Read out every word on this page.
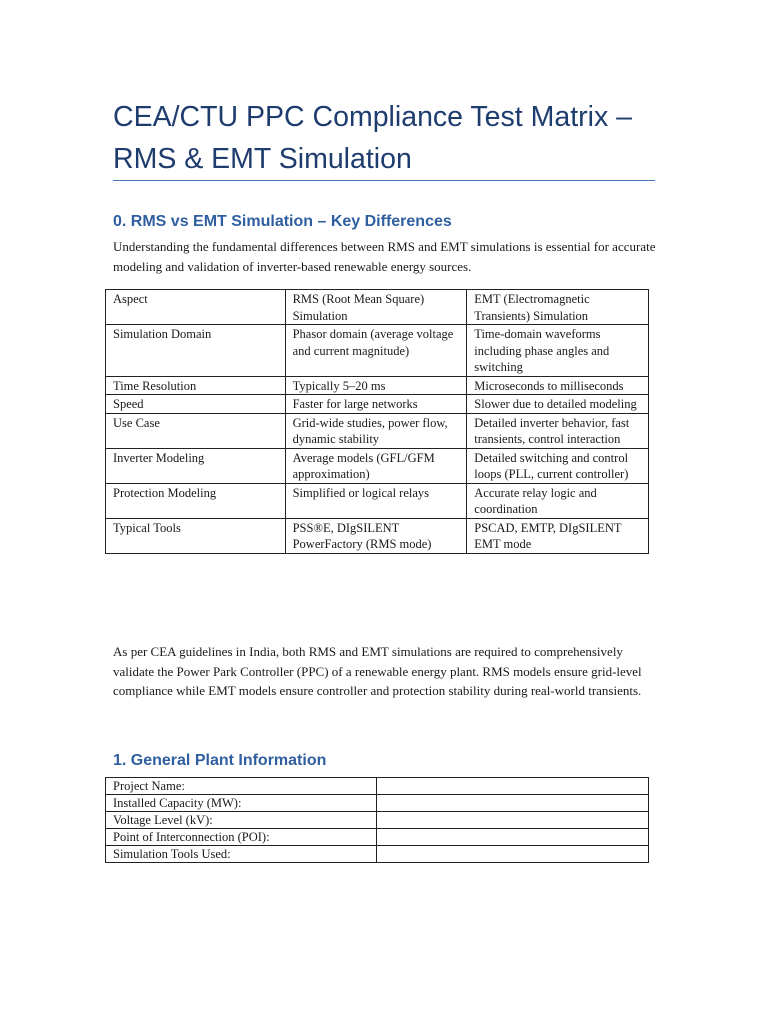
CEA/CTU PPC Compliance Test Matrix – RMS & EMT Simulation
0. RMS vs EMT Simulation – Key Differences

Understanding the fundamental differences between RMS and EMT simulations is essential for accurate modeling and validation of inverter-based renewable energy sources.

Aspect	RMS (Root Mean Square) Simulation	EMT (Electromagnetic Transients) Simulation
Simulation Domain	Phasor domain (average voltage and current magnitude)	Time-domain waveforms including phase angles and switching
Time Resolution	Typically 5–20 ms	Microseconds to milliseconds
Speed	Faster for large networks	Slower due to detailed modeling
Use Case	Grid-wide studies, power flow, dynamic stability	Detailed inverter behavior, fast transients, control interaction
Inverter Modeling	Average models (GFL/GFM approximation)	Detailed switching and control loops (PLL, current controller)
Protection Modeling	Simplified or logical relays	Accurate relay logic and coordination
Typical Tools	PSS®E, DIgSILENT PowerFactory (RMS mode)	PSCAD, EMTP, DIgSILENT EMT mode

As per CEA guidelines in India, both RMS and EMT simulations are required to comprehensively validate the Power Park Controller (PPC) of a renewable energy plant. RMS models ensure grid-level compliance while EMT models ensure controller and protection stability during real-world transients.

1. General Plant Information
Project Name:	
Installed Capacity (MW):	
Voltage Level (kV):	
Point of Interconnection (POI):	
Simulation Tools Used:	
